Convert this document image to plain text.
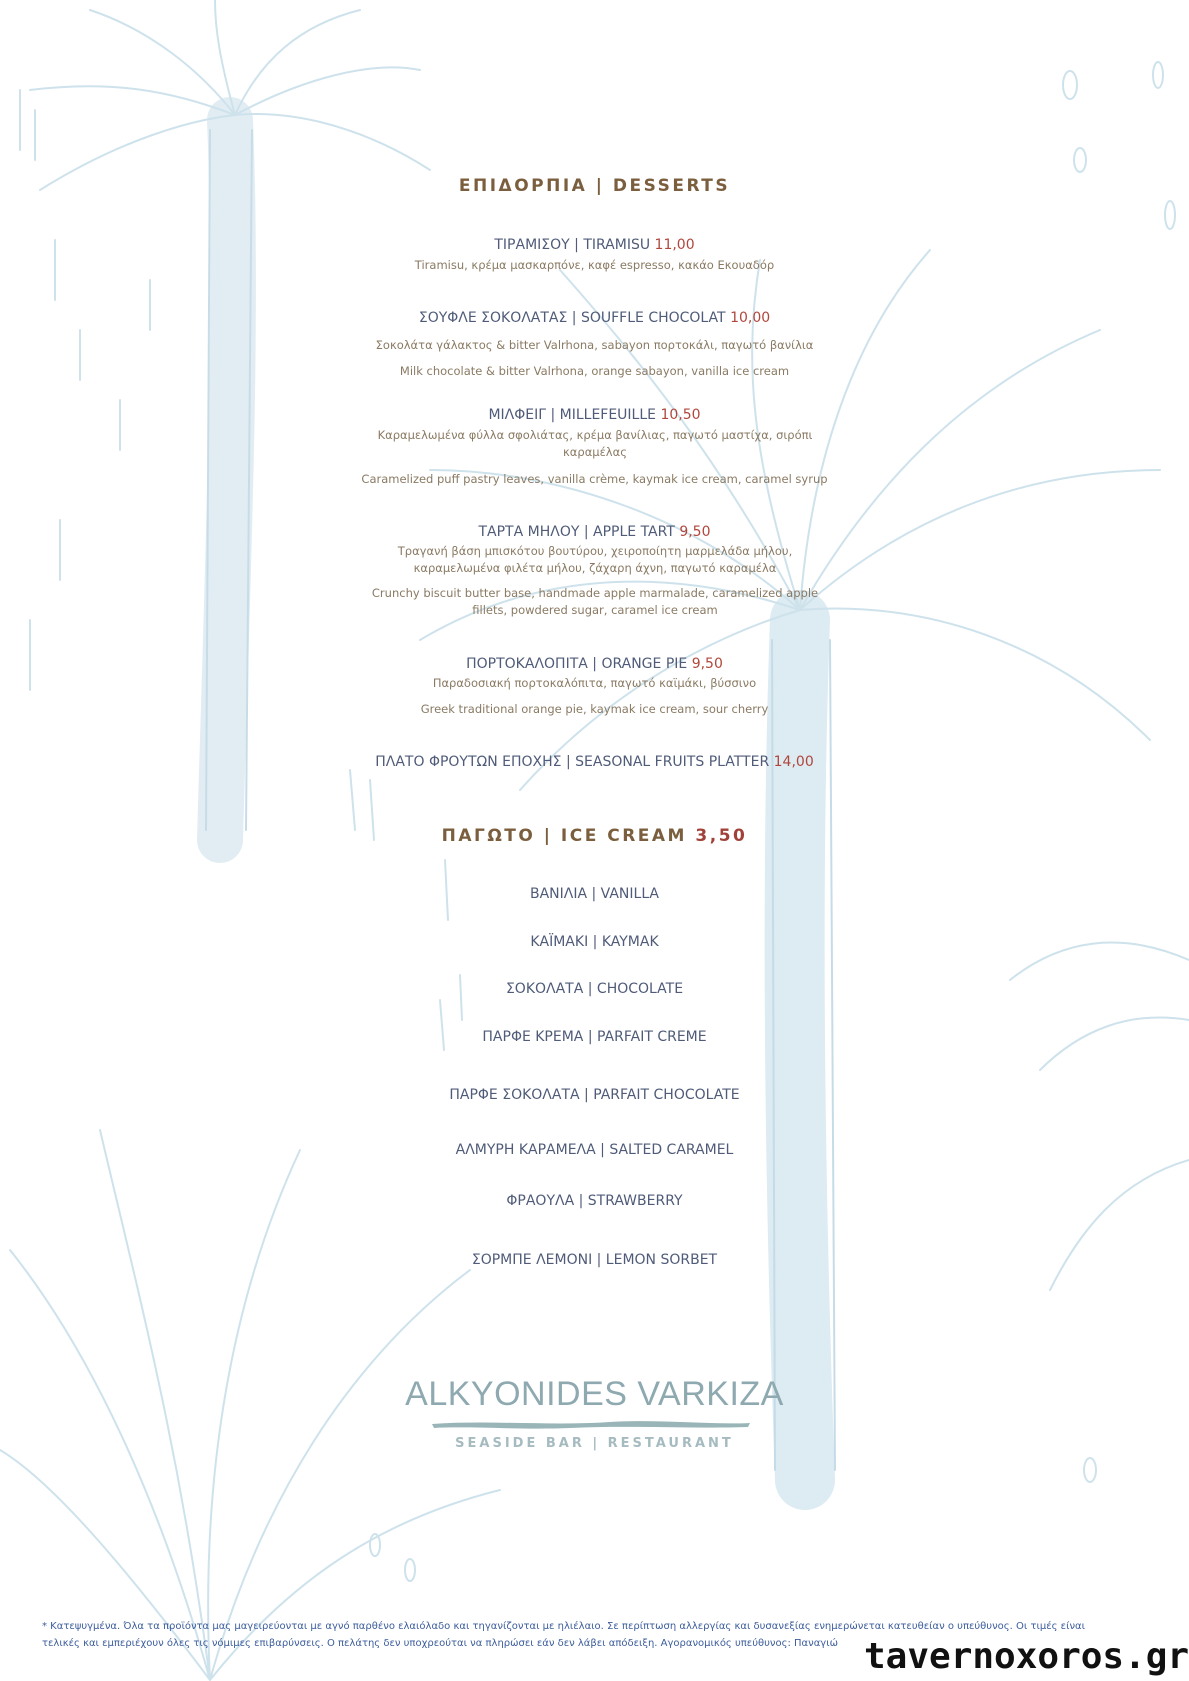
ΕΠΙΔΟΡΠΙΑ | DESSERTS
ΤΙΡΑΜΙΣΟΥ | TIRAMISU 11,00
Tiramisu, κρέμα μασκαρπόνε, καφέ espresso, κακάο Εκουαδόρ
ΣΟΥΦΛΕ ΣΟΚΟΛΑΤΑΣ | SOUFFLE CHOCOLAT 10,00
Σοκολάτα γάλακτος & bitter Valrhona, sabayon πορτοκάλι, παγωτό βανίλια
Milk chocolate & bitter Valrhona, orange sabayon, vanilla ice cream
ΜΙΛΦΕΙΓ | MILLEFEUILLE 10,50
Καραμελωμένα φύλλα σφολιάτας, κρέμα βανίλιας, παγωτό μαστίχα, σιρόπι καραμέλας
Caramelized puff pastry leaves, vanilla crème, kaymak ice cream, caramel syrup
ΤΑΡΤΑ ΜΗΛΟΥ | APPLE TART 9,50
Τραγανή βάση μπισκότου βουτύρου, χειροποίητη μαρμελάδα μήλου, καραμελωμένα φιλέτα μήλου, ζάχαρη άχνη, παγωτό καραμέλα
Crunchy biscuit butter base, handmade apple marmalade, caramelized apple fillets, powdered sugar, caramel ice cream
ΠΟΡΤΟΚΑΛΟΠΙΤΑ | ORANGE PIE 9,50
Παραδοσιακή πορτοκαλόπιτα, παγωτό καϊμάκι, βύσσινο
Greek traditional orange pie, kaymak ice cream, sour cherry
ΠΛΑΤΟ ΦΡΟΥΤΩΝ ΕΠΟΧΗΣ | SEASONAL FRUITS PLATTER 14,00
ΠΑΓΩΤΟ | ICE CREAM 3,50
ΒΑΝΙΛΙΑ | VANILLA
ΚΑΪΜΑΚΙ | KAYMAK
ΣΟΚΟΛΑΤΑ | CHOCOLATE
ΠΑΡΦΕ ΚΡΕΜΑ | PARFAIT CREME
ΠΑΡΦΕ ΣΟΚΟΛΑΤΑ | PARFAIT CHOCOLATE
ΑΛΜΥΡΗ ΚΑΡΑΜΕΛΑ | SALTED CARAMEL
ΦΡΑΟΥΛΑ | STRAWBERRY
ΣΟΡΜΠΕ ΛΕΜΟΝΙ | LEMON SORBET
ALKYONIDES VARKIZA
SEASIDE BAR | RESTAURANT
* Κατεψυγμένα. Όλα τα προϊόντα μας μαγειρεύονται με αγνό παρθένο ελαιόλαδο και τηγανίζονται με ηλιέλαιο. Σε περίπτωση αλλεργίας και δυσανεξίας ενημερώνεται κατευθείαν ο υπεύθυνος. Οι τιμές είναι
τελικές και εμπεριέχουν όλες τις νόμιμες επιβαρύνσεις. Ο πελάτης δεν υποχρεούται να πληρώσει εάν δεν λάβει απόδειξη. Αγορανομικός υπεύθυνος: Παναγιώ tavernoxoros.gr
